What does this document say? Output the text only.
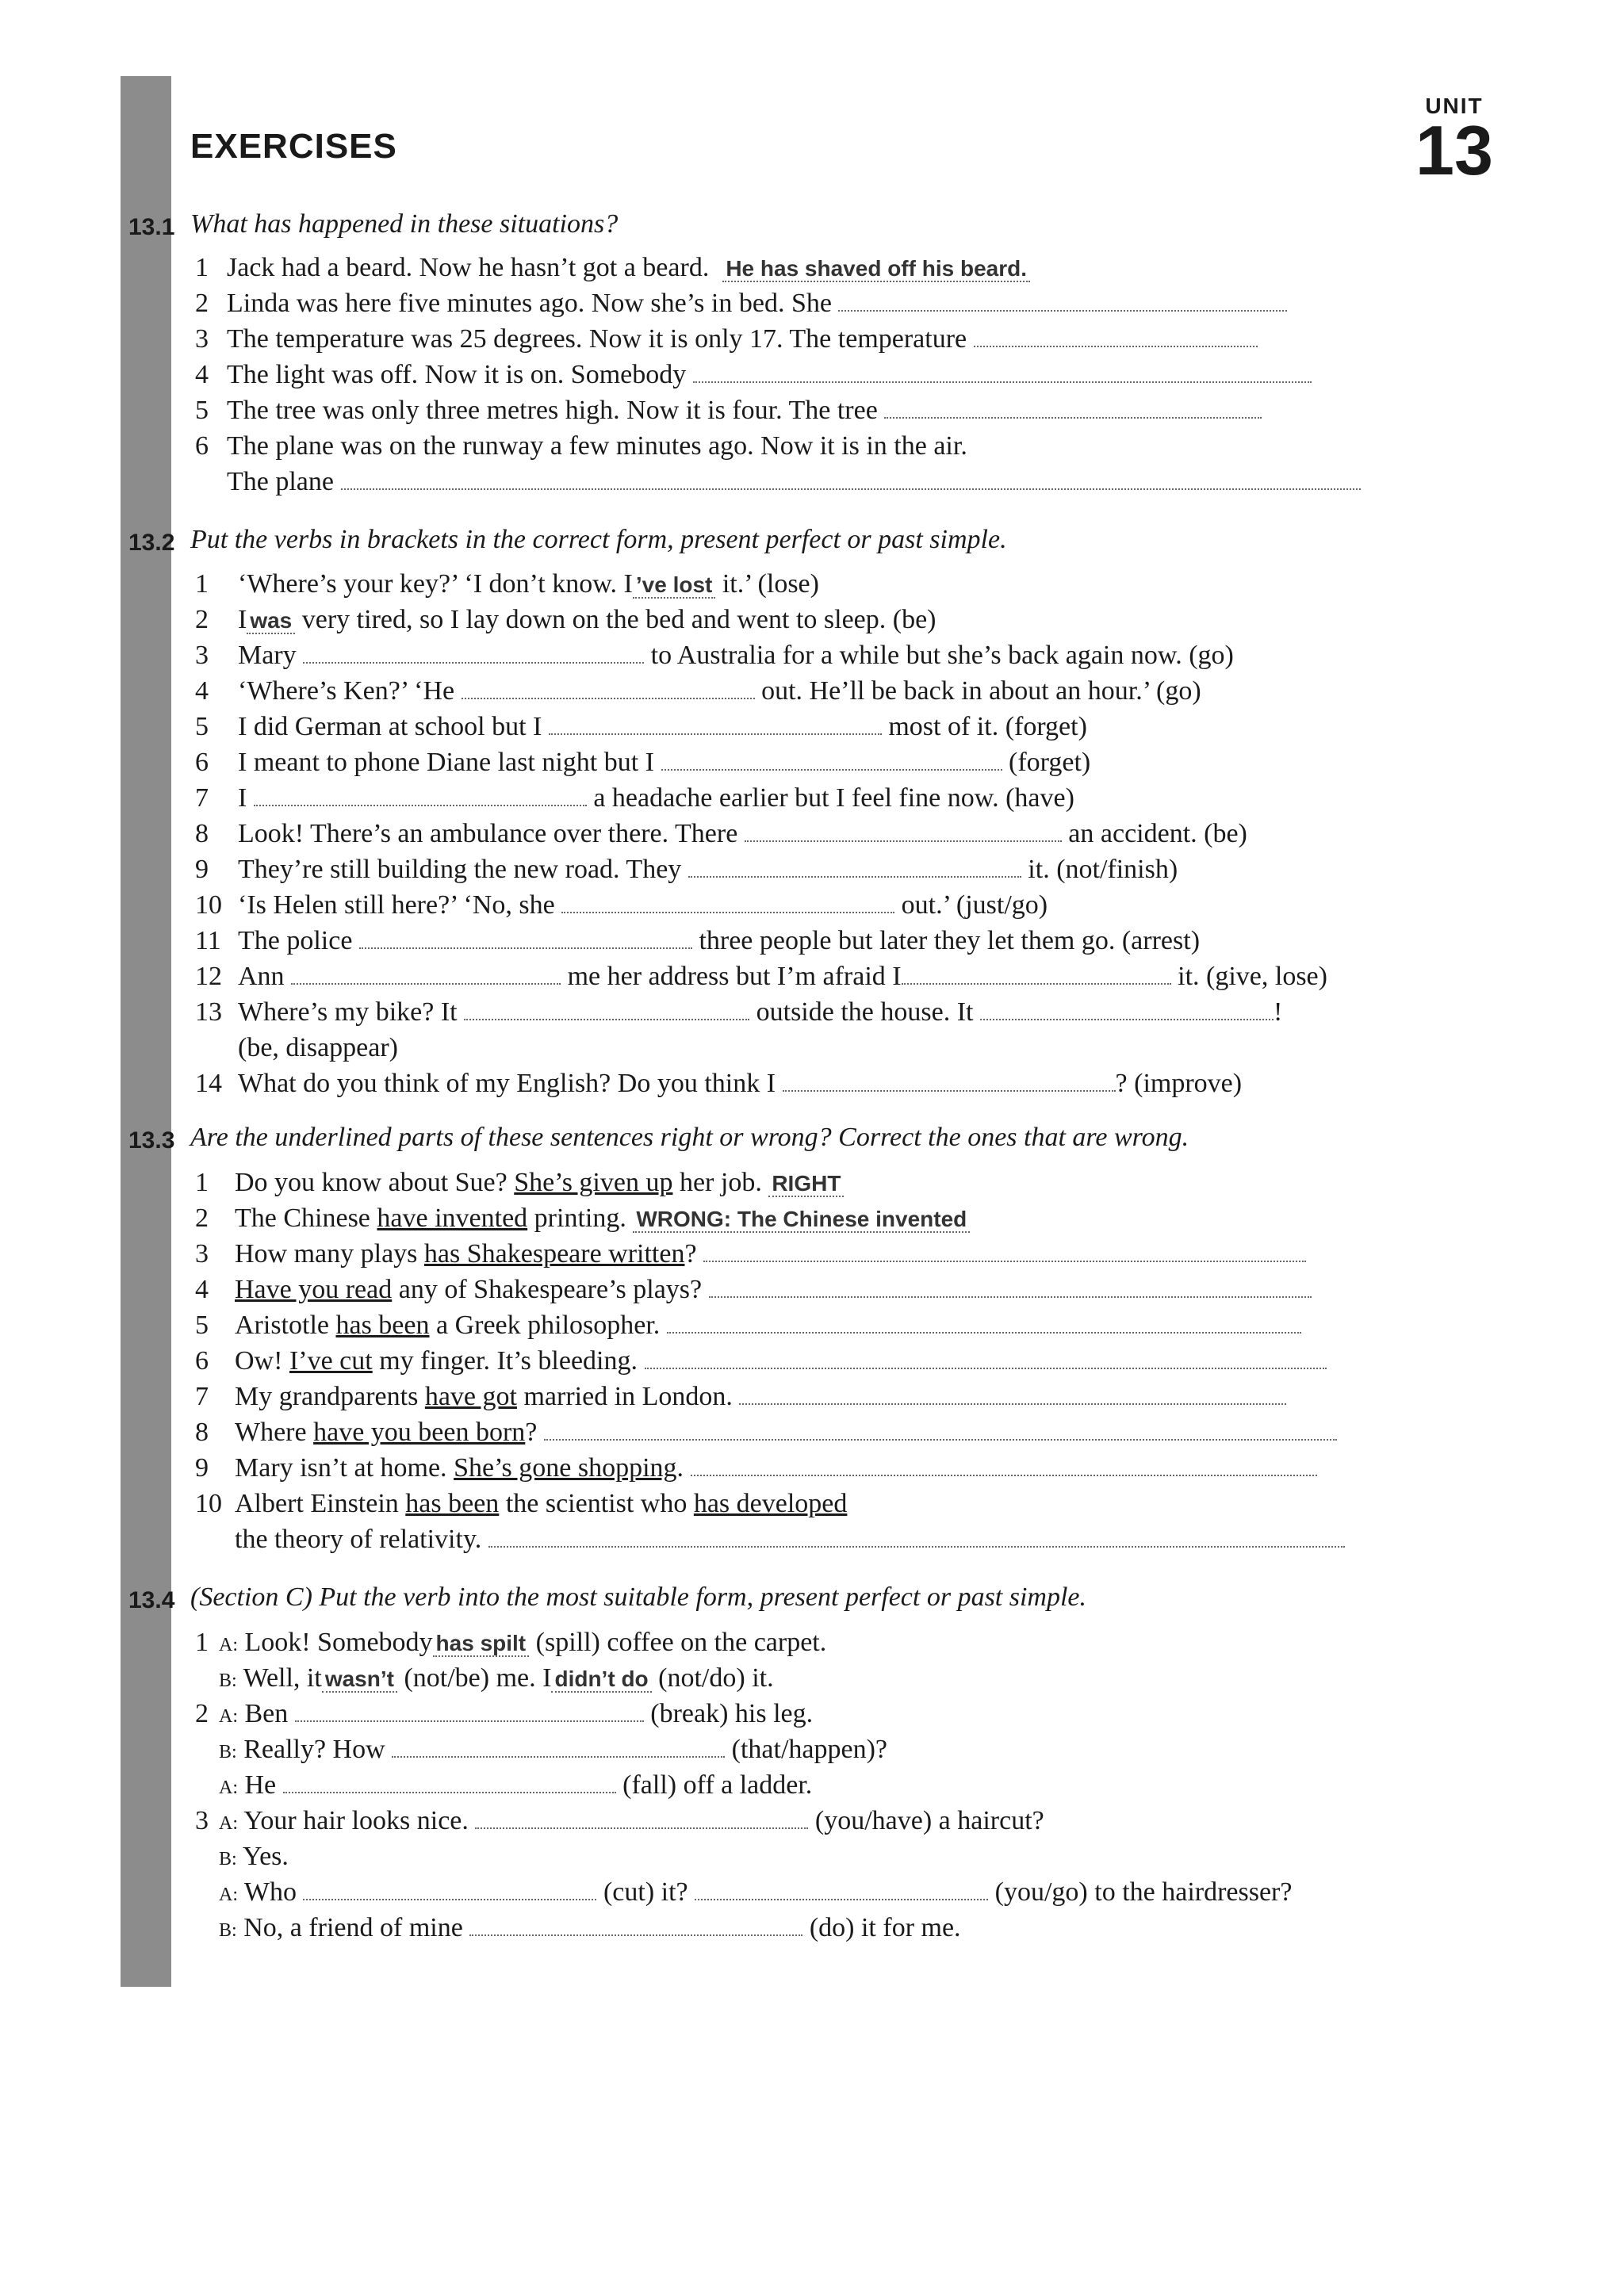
UNIT
13
EXERCISES
13.1 What has happened in these situations?
1 Jack had a beard. Now he hasn’t got a beard. He has shaved off his beard.
2 Linda was here five minutes ago. Now she’s in bed. She
3 The temperature was 25 degrees. Now it is only 17. The temperature
4 The light was off. Now it is on. Somebody
5 The tree was only three metres high. Now it is four. The tree
6 The plane was on the runway a few minutes ago. Now it is in the air.
The plane
13.2 Put the verbs in brackets in the correct form, present perfect or past simple.
1 ‘Where’s your key?’ ‘I don’t know. I ’ve lost it.’ (lose)
2 I was very tired, so I lay down on the bed and went to sleep. (be)
3 Mary	to Australia for a while but she’s back again now. (go)
4 ‘Where’s Ken?’ ‘He	out. He’ll be back in about an hour.’ (go)
5 I did German at school but I	most of it. (forget)
6 I meant to phone Diane last night but I	(forget)
7 I	a headache earlier but I feel fine now. (have)
8 Look! There’s an ambulance over there. There	an accident. (be)
9 They’re still building the new road. They	it. (not/finish)
10 ‘Is Helen still here?’ ‘No, she	out.’ (just/go)
11 The police	three people but later they let them go. (arrest)
12 Ann	me her address but I’m afraid I	it. (give, lose)
13 Where’s my bike? It	outside the house. It	!
(be, disappear)
14 What do you think of my English? Do you think I	? (improve)
13.3 Are the underlined parts of these sentences right or wrong? Correct the ones that are wrong.
1 Do you know about Sue? She’s given up her job. RIGHT
2 The Chinese have invented printing. WRONG: The Chinese invented
3 How many plays has Shakespeare written?
4 Have you read any of Shakespeare’s plays?
5 Aristotle has been a Greek philosopher.
6 Ow! I’ve cut my finger. It’s bleeding.
7 My grandparents have got married in London.
8 Where have you been born?
9 Mary isn’t at home. She’s gone shopping.
10 Albert Einstein has been the scientist who has developed
the theory of relativity.
13.4 (Section C) Put the verb into the most suitable form, present perfect or past simple.
1 A: Look! Somebody has spilt (spill) coffee on the carpet.
B: Well, it wasn’t (not/be) me. I didn’t do (not/do) it.
2 A: Ben	(break) his leg.
B: Really? How	(that/happen)?
A: He	(fall) off a ladder.
3 A: Your hair looks nice.	(you/have) a haircut?
B: Yes.
A: Who	(cut) it?	(you/go) to the hairdresser?
B: No, a friend of mine	(do) it for me.
